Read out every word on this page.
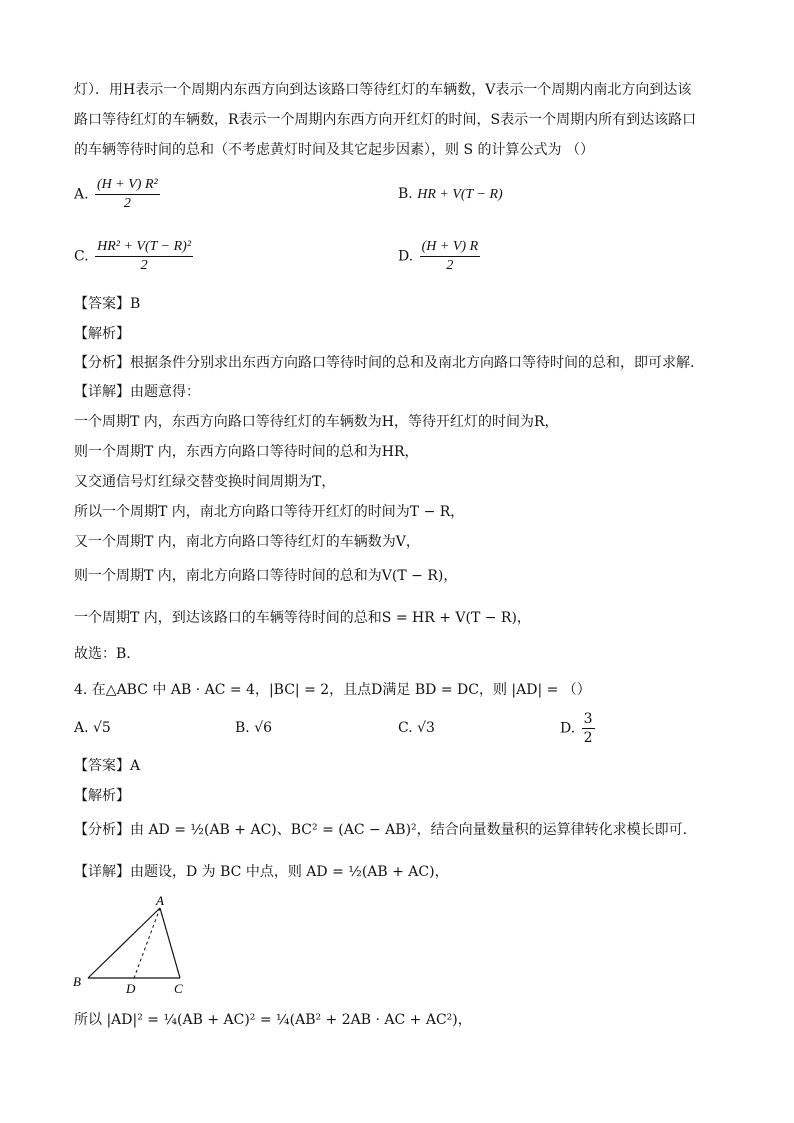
灯）．用H表示一个周期内东西方向到达该路口等待红灯的车辆数，V表示一个周期内南北方向到达该
路口等待红灯的车辆数，R表示一个周期内东西方向开红灯的时间，S表示一个周期内所有到达该路口
的车辆等待时间的总和（不考虑黄灯时间及其它起步因素），则 S 的计算公式为 （）
A. $\frac{\text{(H + V) R²}}{2}$	B. HR + V(T − R)
C. $\frac{\text{HR² + V(T − R)²}}{2}$	D. $\frac{(H + V) R}{2}$
【答案】B
【解析】
【分析】根据条件分别求出东西方向路口等待时间的总和及南北方向路口等待时间的总和，即可求解.
【详解】由题意得：
一个周期T 内，东西方向路口等待红灯的车辆数为H，等待开红灯的时间为R，
则一个周期T 内，东西方向路口等待时间的总和为HR，
又交通信号灯红绿交替变换时间周期为T，
所以一个周期T 内，南北方向路口等待开红灯的时间为T − R，
又一个周期T 内，南北方向路口等待红灯的车辆数为V，
则一个周期T 内，南北方向路口等待时间的总和为V(T − R)，
一个周期T 内，到达该路口的车辆等待时间的总和S = HR + V(T − R)，
故选：B.
4. 在△ABC 中 AB · AC = 4，|BC| = 2，且点D满足 BD = DC，则 |AD| = （）
A. √5	B. √6	C. √3	D. $\frac{3}{2}$
【答案】A
【解析】
【分析】由 AD = ½(AB + AC)、BC² = (AC − AB)²，结合向量数量积的运算律转化求模长即可.
【详解】由题设，D 为 BC 中点，则 AD = ½(AB + AC)，
A
B	C
D
所以 |AD|² = ¼(AB + AC)² = ¼(AB² + 2AB · AC + AC²)，
